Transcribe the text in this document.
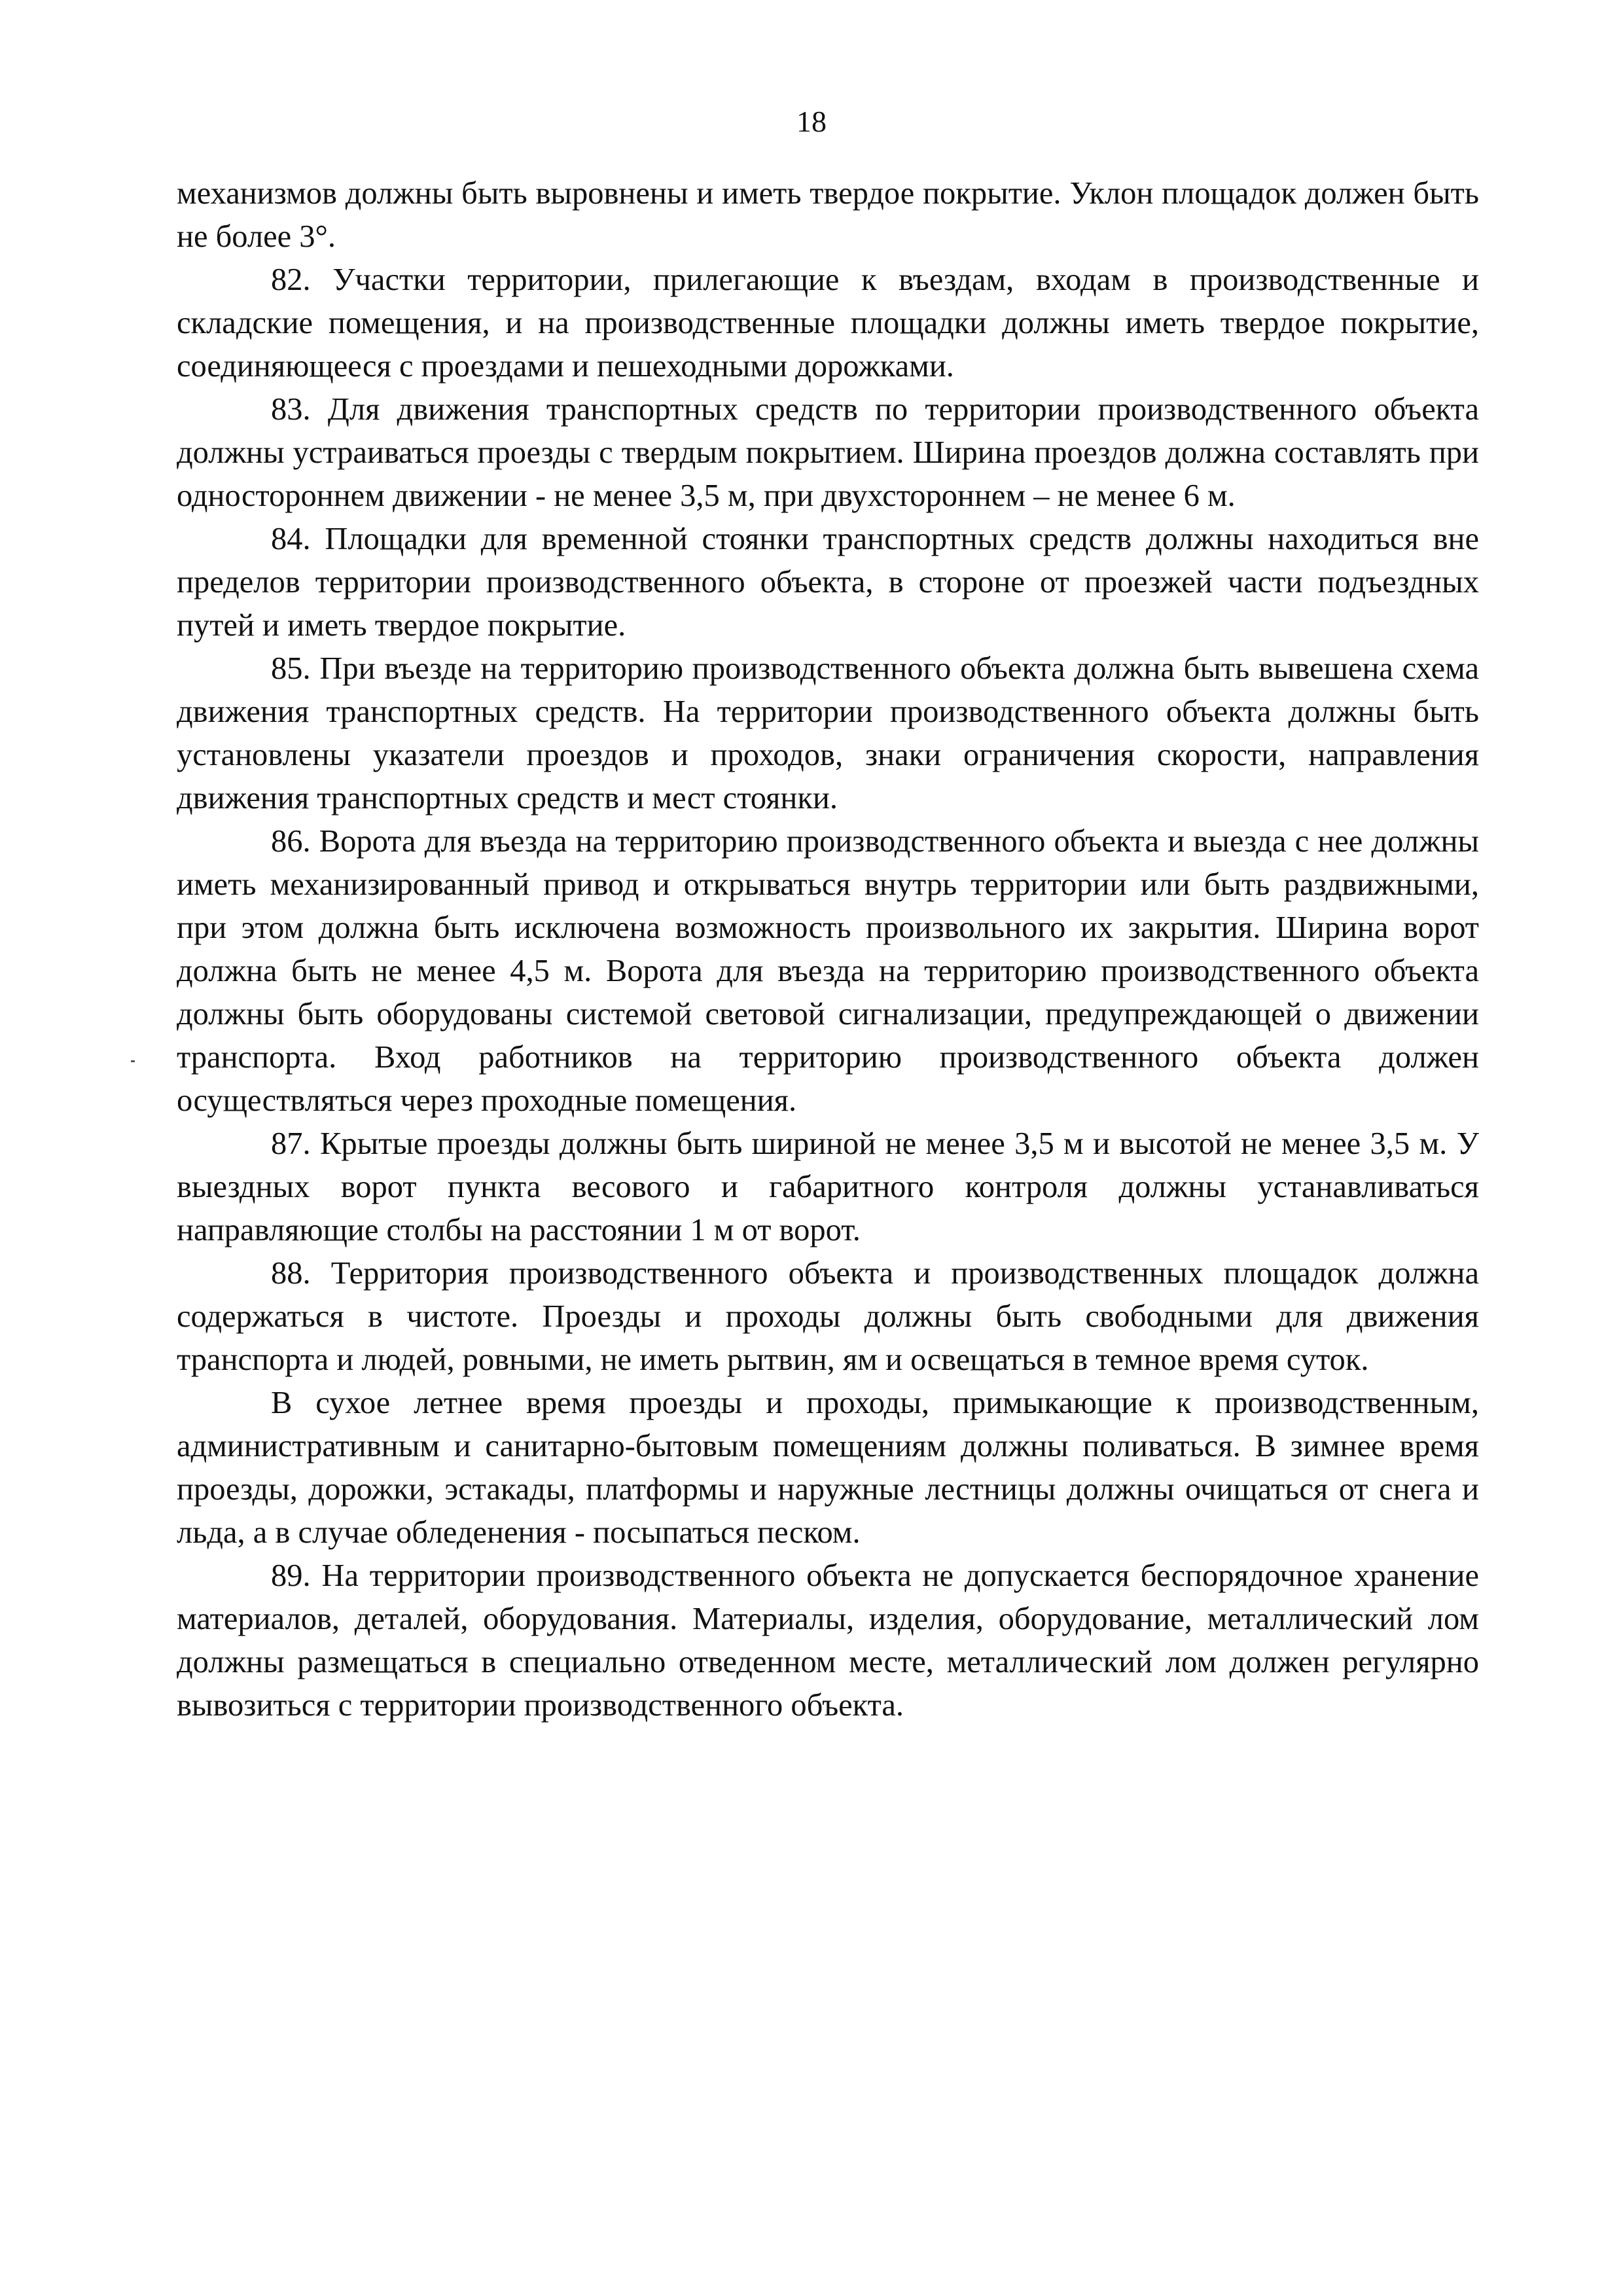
18

механизмов должны быть выровнены и иметь твердое покрытие. Уклон площадок должен быть не более 3°.

82. Участки территории, прилегающие к въездам, входам в производственные и складские помещения, и на производственные площадки должны иметь твердое покрытие, соединяющееся с проездами и пешеходными дорожками.

83. Для движения транспортных средств по территории производственного объекта должны устраиваться проезды с твердым покрытием. Ширина проездов должна составлять при одностороннем движении - не менее 3,5 м, при двухстороннем – не менее 6 м.

84. Площадки для временной стоянки транспортных средств должны находиться вне пределов территории производственного объекта, в стороне от проезжей части подъездных путей и иметь твердое покрытие.

85. При въезде на территорию производственного объекта должна быть вывешена схема движения транспортных средств. На территории производственного объекта должны быть установлены указатели проездов и проходов, знаки ограничения скорости, направления движения транспортных средств и мест стоянки.

86. Ворота для въезда на территорию производственного объекта и выезда с нее должны иметь механизированный привод и открываться внутрь территории или быть раздвижными, при этом должна быть исключена возможность произвольного их закрытия. Ширина ворот должна быть не менее 4,5 м. Ворота для въезда на территорию производственного объекта должны быть оборудованы системой световой сигнализации, предупреждающей о движении транспорта. Вход работников на территорию производственного объекта должен осуществляться через проходные помещения.

87. Крытые проезды должны быть шириной не менее 3,5 м и высотой не менее 3,5 м. У выездных ворот пункта весового и габаритного контроля должны устанавливаться направляющие столбы на расстоянии 1 м от ворот.

88. Территория производственного объекта и производственных площадок должна содержаться в чистоте. Проезды и проходы должны быть свободными для движения транспорта и людей, ровными, не иметь рытвин, ям и освещаться в темное время суток.

В сухое летнее время проезды и проходы, примыкающие к производственным, административным и санитарно-бытовым помещениям должны поливаться. В зимнее время проезды, дорожки, эстакады, платформы и наружные лестницы должны очищаться от снега и льда, а в случае обледенения - посыпаться песком.

89. На территории производственного объекта не допускается беспорядочное хранение материалов, деталей, оборудования. Материалы, изделия, оборудование, металлический лом должны размещаться в специально отведенном месте, металлический лом должен регулярно вывозиться с территории производственного объекта.
